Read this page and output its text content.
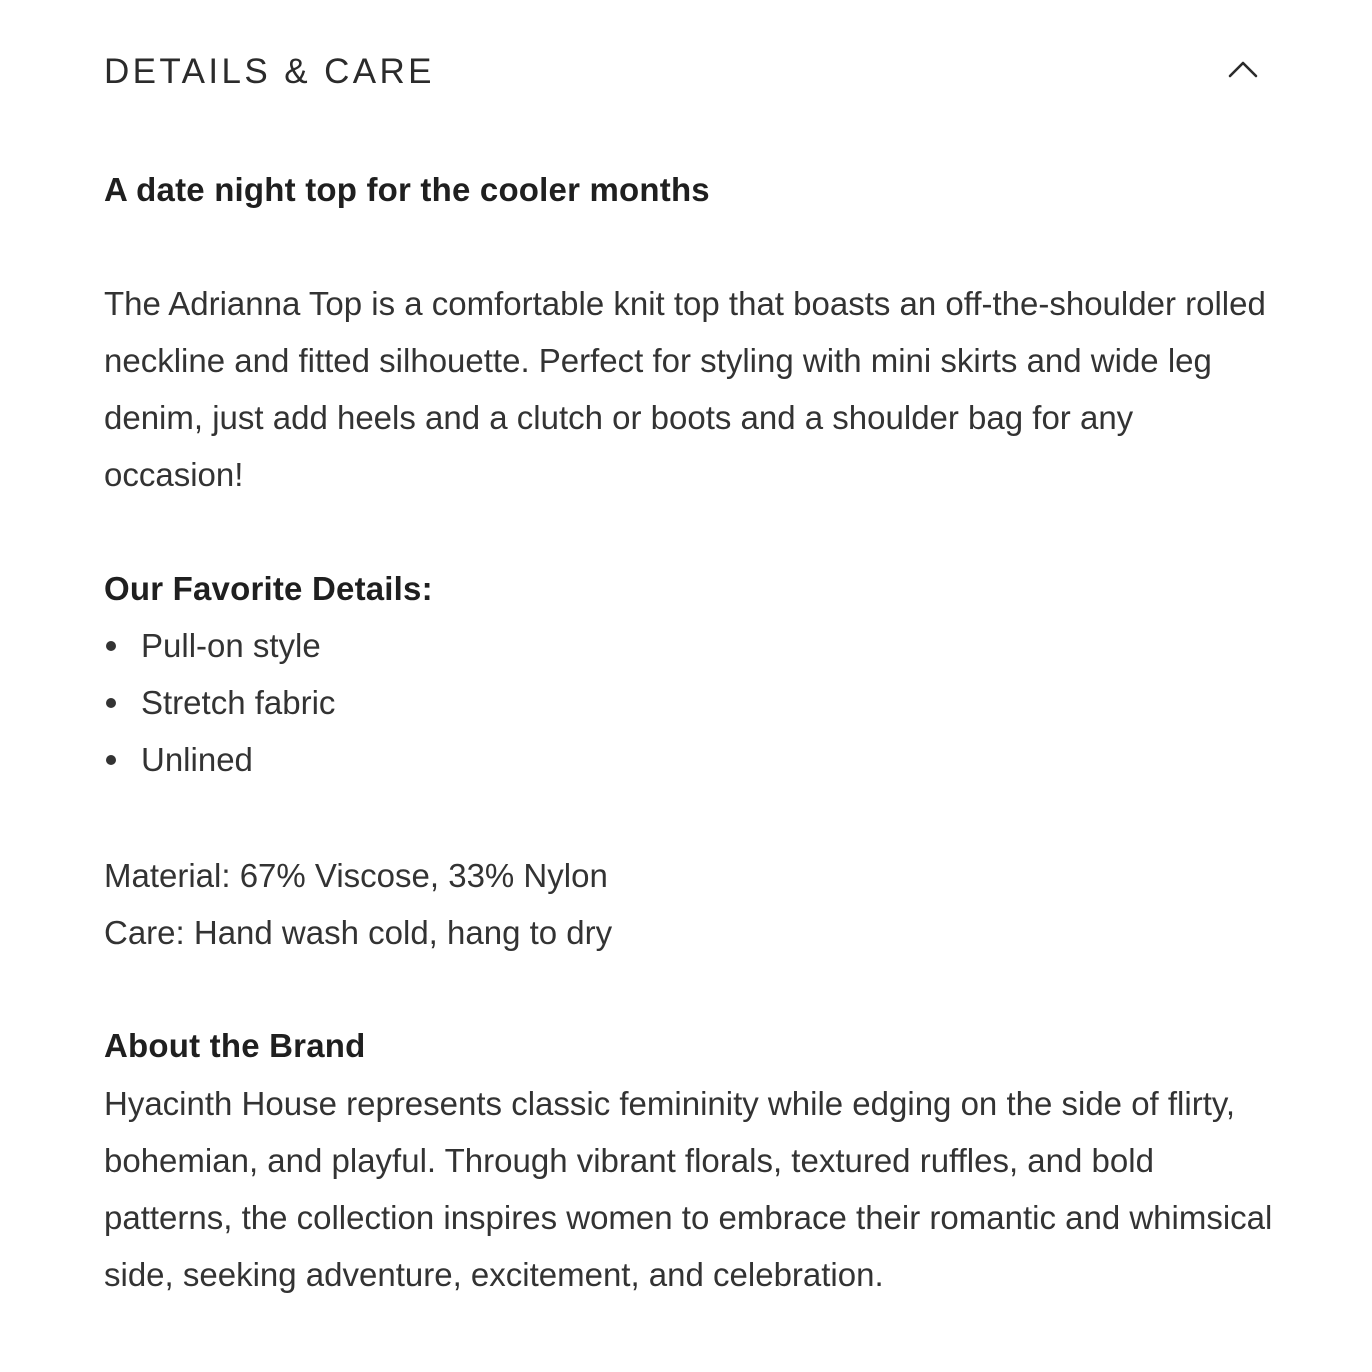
DETAILS & CARE

A date night top for the cooler months

The Adrianna Top is a comfortable knit top that boasts an off-the-shoulder rolled neckline and fitted silhouette. Perfect for styling with mini skirts and wide leg denim, just add heels and a clutch or boots and a shoulder bag for any occasion!

Our Favorite Details:

Pull-on style
Stretch fabric
Unlined

Material: 67% Viscose, 33% Nylon

Care: Hand wash cold, hang to dry

About the Brand

Hyacinth House represents classic femininity while edging on the side of flirty, bohemian, and playful. Through vibrant florals, textured ruffles, and bold patterns, the collection inspires women to embrace their romantic and whimsical side, seeking adventure, excitement, and celebration.
